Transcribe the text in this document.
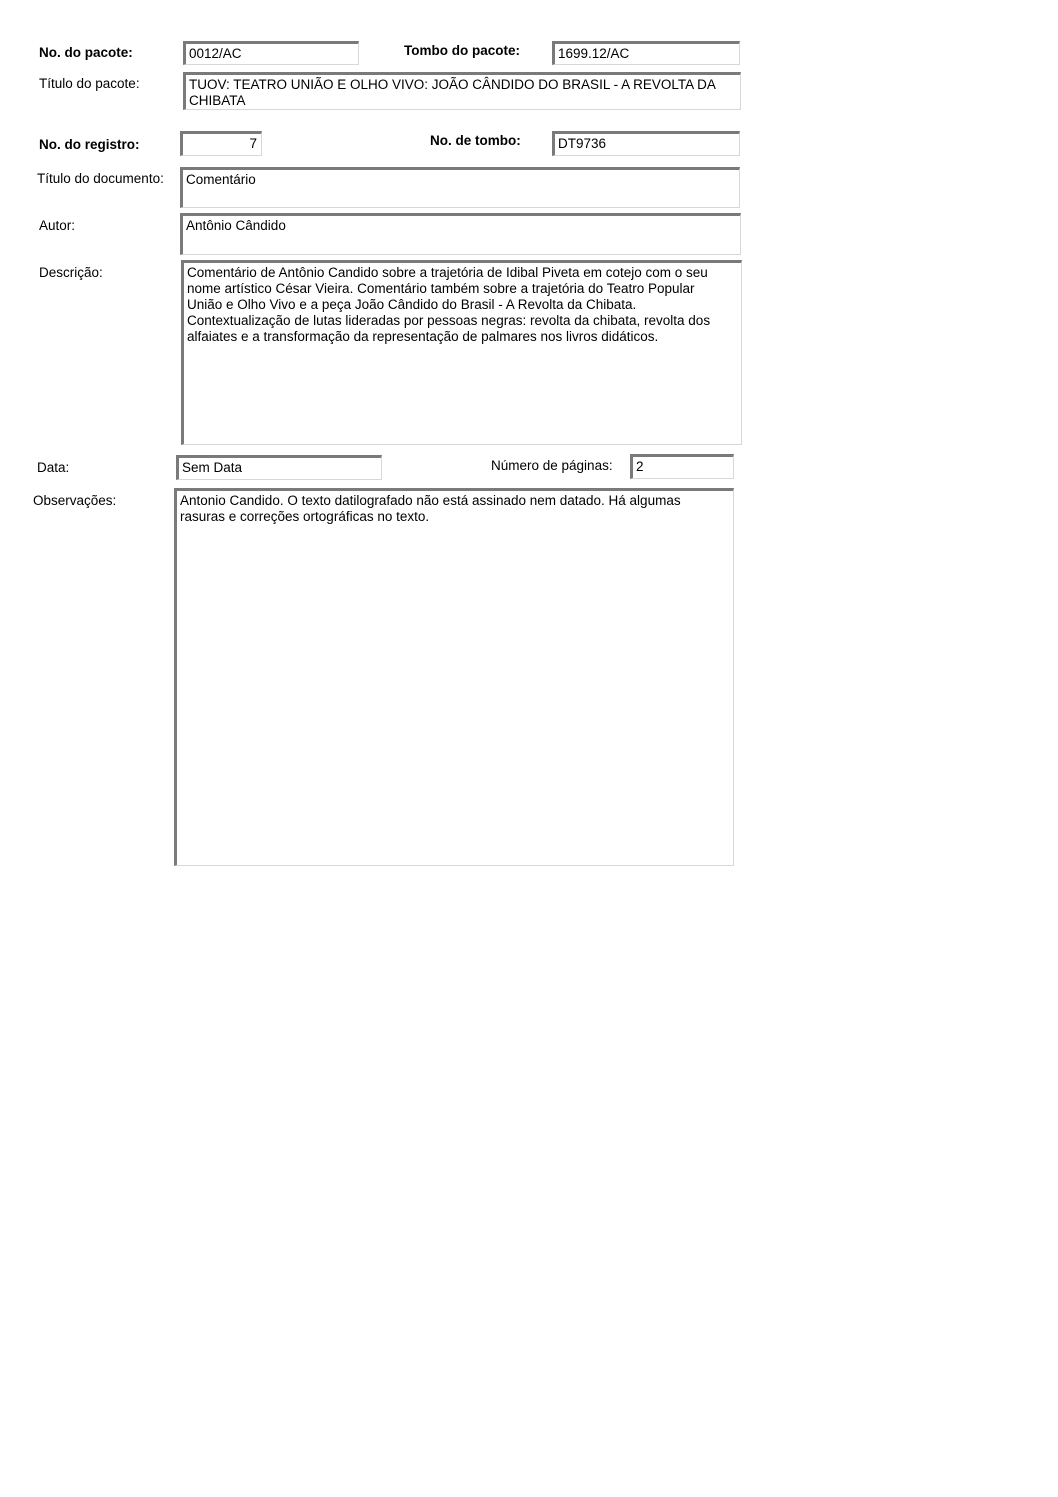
No. do pacote:	0012/AC	Tombo do pacote:	1699.12/AC
Título do pacote:	TUOV: TEATRO UNIÃO E OLHO VIVO: JOÃO CÂNDIDO DO BRASIL - A REVOLTA DA CHIBATA
No. do registro:	7	No. de tombo:	DT9736
Título do documento:	Comentário
Autor:	Antônio Cândido
Descrição:	Comentário de Antônio Candido sobre a trajetória de Idibal Piveta em cotejo com o seu  nome artístico César Vieira. Comentário também sobre a trajetória do Teatro Popular União e Olho Vivo e a peça João Cândido do Brasil - A Revolta da Chibata. Contextualização de lutas lideradas por pessoas negras: revolta da chibata, revolta dos alfaiates e a transformação da representação de palmares nos livros didáticos.
Data:	Sem Data	Número de páginas:	2
Observações:	Antonio Candido. O texto datilografado não está assinado nem datado. Há algumas rasuras e correções ortográficas no texto.
